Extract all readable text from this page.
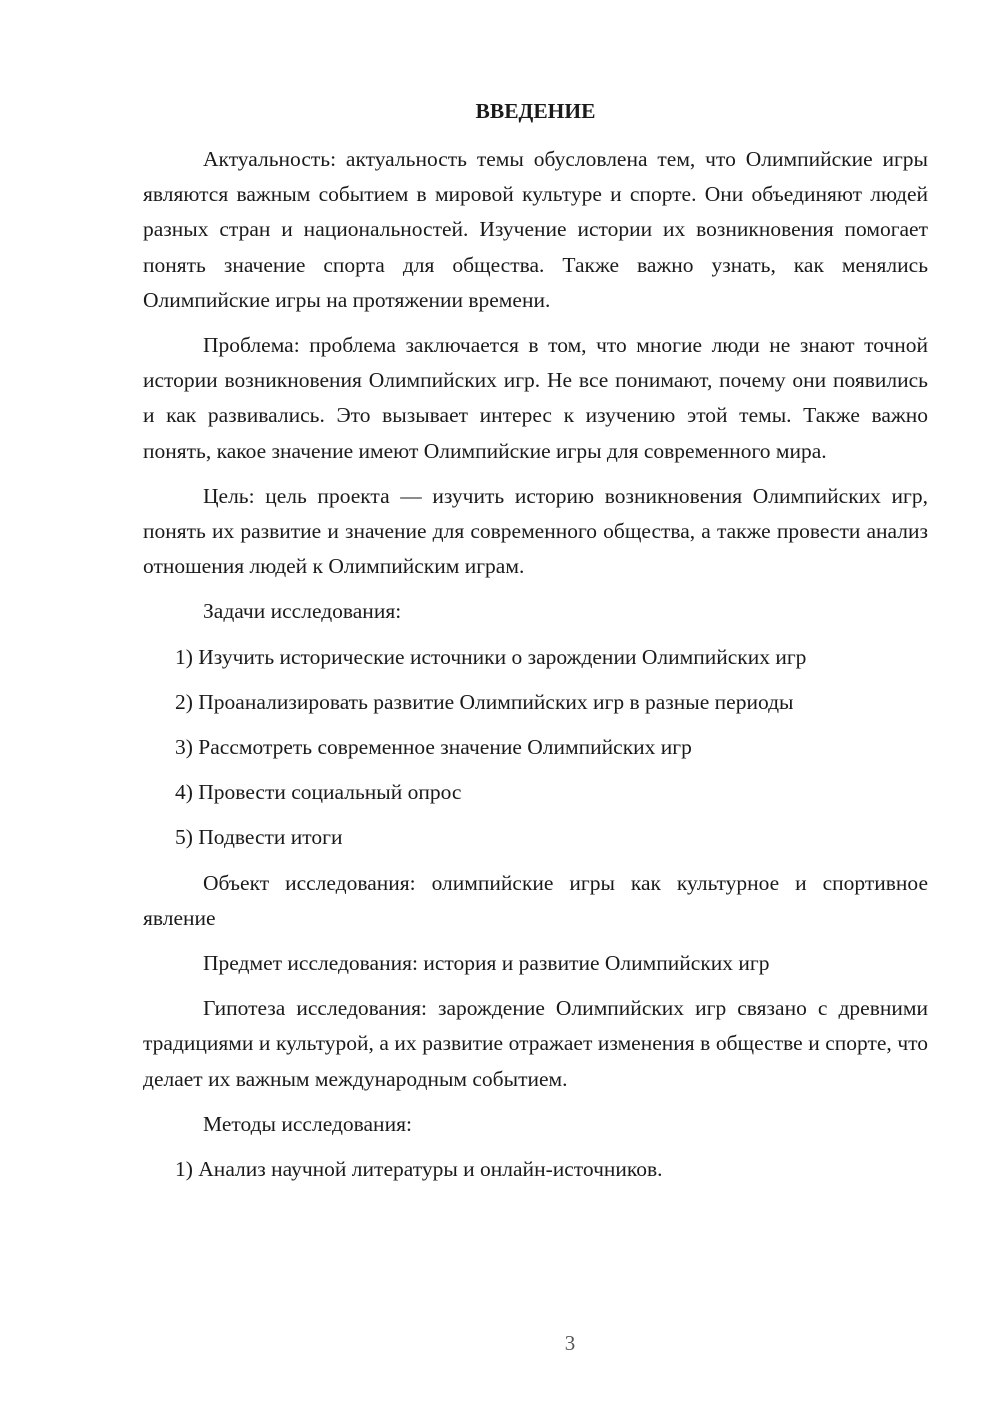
ВВЕДЕНИЕ

Актуальность: актуальность темы обусловлена тем, что Олимпийские игры являются важным событием в мировой культуре и спорте. Они объединяют людей разных стран и национальностей. Изучение истории их возникновения помогает понять значение спорта для общества. Также важно узнать, как менялись Олимпийские игры на протяжении времени.

Проблема: проблема заключается в том, что многие люди не знают точной истории возникновения Олимпийских игр. Не все понимают, почему они появились и как развивались. Это вызывает интерес к изучению этой темы. Также важно понять, какое значение имеют Олимпийские игры для современного мира.

Цель: цель проекта — изучить историю возникновения Олимпийских игр, понять их развитие и значение для современного общества, а также провести анализ отношения людей к Олимпийским играм.

Задачи исследования:

1) Изучить исторические источники о зарождении Олимпийских игр
2) Проанализировать развитие Олимпийских игр в разные периоды
3) Рассмотреть современное значение Олимпийских игр
4) Провести социальный опрос
5) Подвести итоги

Объект исследования: олимпийские игры как культурное и спортивное явление

Предмет исследования: история и развитие Олимпийских игр

Гипотеза исследования: зарождение Олимпийских игр связано с древними традициями и культурой, а их развитие отражает изменения в обществе и спорте, что делает их важным международным событием.

Методы исследования:

1) Анализ научной литературы и онлайн-источников.
3
